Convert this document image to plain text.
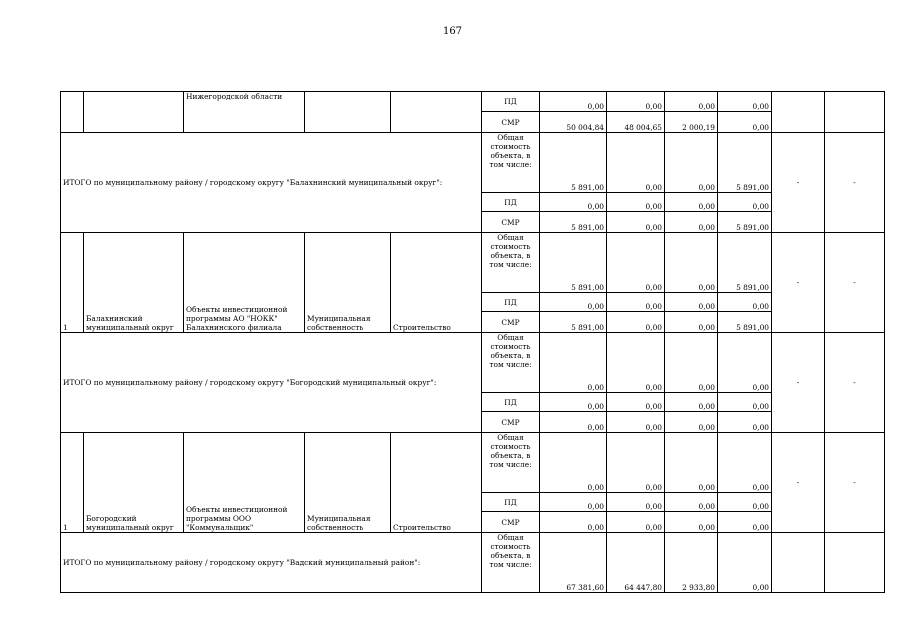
167
		Нижегородской области			ПД	0,00	0,00	0,00	0,00		
					СМР	50 004,84	48 004,65	2 000,19	0,00		
ИТОГО по муниципальному району / городскому округу "Балахнинский муниципальный округ":					Общая стоимость объекта, в том числе:	5 891,00	0,00	0,00	5 891,00	-	-
					ПД	0,00	0,00	0,00	0,00		
					СМР	5 891,00	0,00	0,00	5 891,00		
1	Балахнинский муниципальный округ	Объекты инвестиционной программы АО "НОКК" Балахнинского филиала	Муниципальная собственность	Строительство	Общая стоимость объекта, в том числе:	5 891,00	0,00	0,00	5 891,00	-	-
					ПД	0,00	0,00	0,00	0,00		
					СМР	5 891,00	0,00	0,00	5 891,00		
ИТОГО по муниципальному району / городскому округу "Богородский муниципальный округ":					Общая стоимость объекта, в том числе:	0,00	0,00	0,00	0,00	-	-
					ПД	0,00	0,00	0,00	0,00		
					СМР	0,00	0,00	0,00	0,00		
1	Богородский муниципальный округ	Объекты инвестиционной программы ООО "Коммунальщик"	Муниципальная собственность	Строительство	Общая стоимость объекта, в том числе:	0,00	0,00	0,00	0,00	-	-
					ПД	0,00	0,00	0,00	0,00		
					СМР	0,00	0,00	0,00	0,00		
ИТОГО по муниципальному району / городскому округу "Вадский муниципальный район":					Общая стоимость объекта, в том числе:	67 381,60	64 447,80	2 933,80	0,00		
